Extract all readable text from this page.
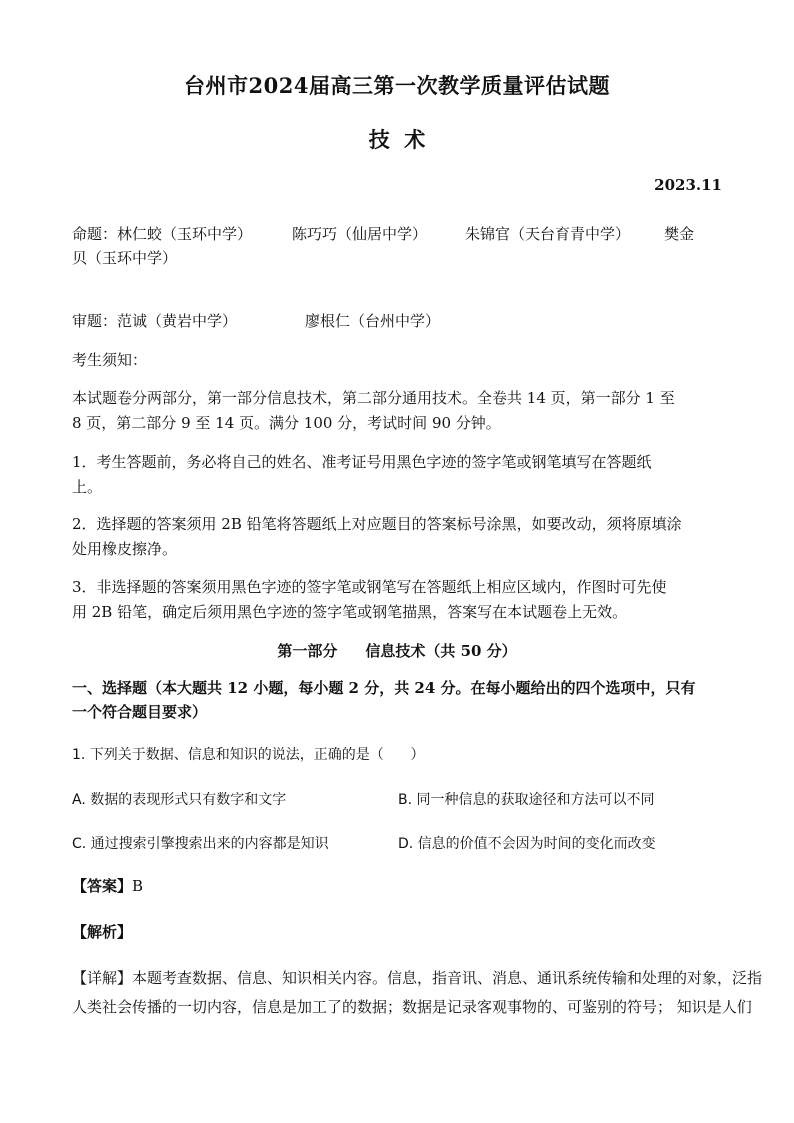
台州市2024届高三第一次教学质量评估试题
技  术
2023.11
命题：林仁蛟（玉环中学）	陈巧巧（仙居中学）	朱锦官（天台育青中学） 樊金
贝（玉环中学）
审题：范诚（黄岩中学）	廖根仁（台州中学）
考生须知：
本试题卷分两部分，第一部分信息技术，第二部分通用技术。全卷共 14 页，第一部分 1 至
8 页，第二部分 9 至 14 页。满分 100 分，考试时间 90 分钟。
1．考生答题前，务必将自己的姓名、准考证号用黑色字迹的签字笔或钢笔填写在答题纸
上。
2．选择题的答案须用 2B 铅笔将答题纸上对应题目的答案标号涂黑，如要改动，须将原填涂
处用橡皮擦净。
3．非选择题的答案须用黑色字迹的签字笔或钢笔写在答题纸上相应区域内，作图时可先使
用 2B 铅笔，确定后须用黑色字迹的签字笔或钢笔描黑，答案写在本试题卷上无效。
第一部分 信息技术（共 50 分）
一、选择题（本大题共 12 小题，每小题 2 分，共 24 分。在每小题给出的四个选项中，只有
一个符合题目要求）
1. 下列关于数据、信息和知识的说法，正确的是（      ）
A. 数据的表现形式只有数字和文字	B. 同一种信息的获取途径和方法可以不同
C. 通过搜索引擎搜索出来的内容都是知识	D. 信息的价值不会因为时间的变化而改变
【答案】B
【解析】
【详解】本题考查数据、信息、知识相关内容。信息，指音讯、消息、通讯系统传输和处理的对象，泛指
人类社会传播的一切内容，信息是加工了的数据；数据是记录客观事物的、可鉴别的符号； 知识是人们
